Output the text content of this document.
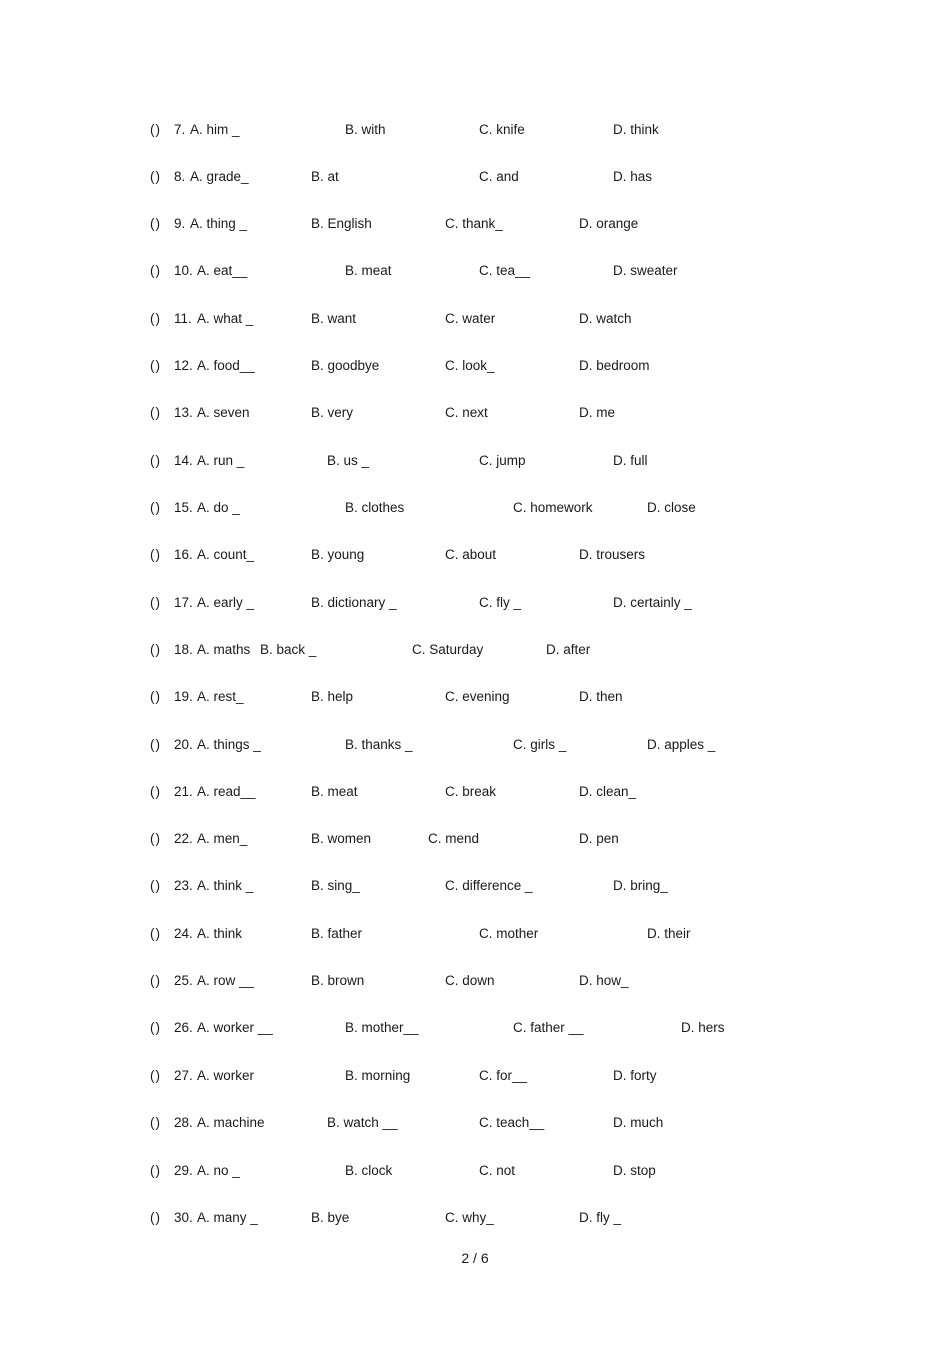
() 7. A. him _	B. with	C. knife	D. think
() 8. A. grade_	B. at	C. and	D. has
() 9. A. thing _	B. English	C. thank_	D. orange
() 10. A. eat__	B. meat	C. tea__	D. sweater
() 11. A. what _	B. want	C. water	D. watch
() 12. A. food__	B. goodbye	C. look_	D. bedroom
() 13. A. seven	B. very	C. next	D. me
() 14. A. run _	B. us _	C. jump	D. full
() 15. A. do _	B. clothes	C. homework	D. close
() 16. A. count_	B. young	C. about	D. trousers
() 17. A. early _	B. dictionary _	C. fly _	D. certainly _
() 18. A. maths B. back _	C. Saturday	D. after
() 19. A. rest_	B. help	C. evening	D. then
() 20. A. things _	B. thanks _	C. girls _	D. apples _
() 21. A. read__	B. meat	C. break	D. clean_
() 22. A. men_	B. women	C. mend	D. pen
() 23. A. think _	B. sing_	C. difference _	D. bring_
() 24. A. think	B. father	C. mother	D. their
() 25. A. row __	B. brown	C. down	D. how_
() 26. A. worker __	B. mother__	C. father __	D. hers
() 27. A. worker	B. morning	C. for__	D. forty
() 28. A. machine	B. watch __	C. teach__	D. much
() 29. A. no _	B. clock	C. not	D. stop
() 30. A. many _	B. bye	C. why_	D. fly _
2 / 6
